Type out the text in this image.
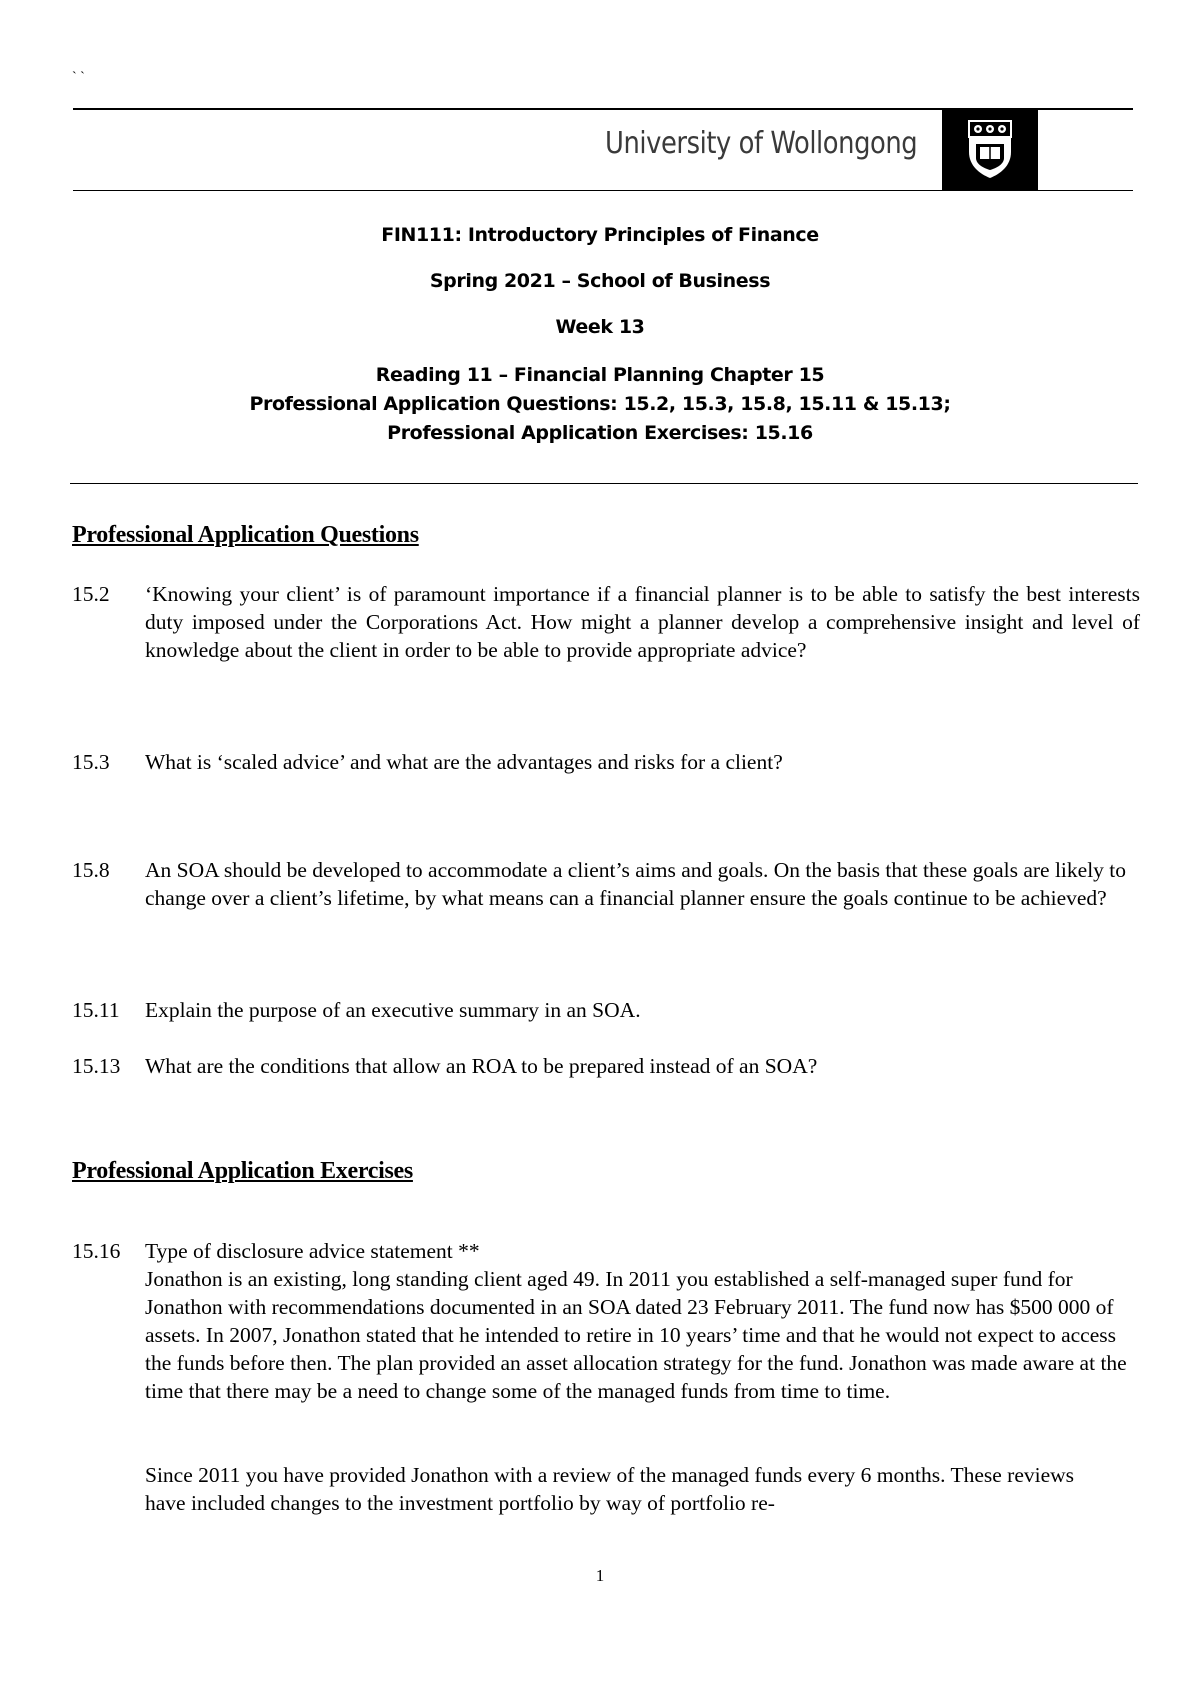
` `
University of Wollongong
FIN111: Introductory Principles of Finance
Spring 2021 – School of Business
Week 13
Reading 11 – Financial Planning Chapter 15
Professional Application Questions: 15.2, 15.3, 15.8, 15.11 & 15.13;
Professional Application Exercises: 15.16
Professional Application Questions
15.2 ‘Knowing your client’ is of paramount importance if a financial planner is to be able to satisfy the best interests duty imposed under the Corporations Act. How might a planner develop a comprehensive insight and level of knowledge about the client in order to be able to provide appropriate advice?
15.3 What is ‘scaled advice’ and what are the advantages and risks for a client?
15.8 An SOA should be developed to accommodate a client’s aims and goals. On the basis that these goals are likely to change over a client’s lifetime, by what means can a financial planner ensure the goals continue to be achieved?
15.11 Explain the purpose of an executive summary in an SOA.
15.13 What are the conditions that allow an ROA to be prepared instead of an SOA?
Professional Application Exercises
15.16 Type of disclosure advice statement **
Jonathon is an existing, long standing client aged 49. In 2011 you established a self-managed super fund for Jonathon with recommendations documented in an SOA dated 23 February 2011. The fund now has $500 000 of assets. In 2007, Jonathon stated that he intended to retire in 10 years’ time and that he would not expect to access the funds before then. The plan provided an asset allocation strategy for the fund. Jonathon was made aware at the time that there may be a need to change some of the managed funds from time to time.
Since 2011 you have provided Jonathon with a review of the managed funds every 6 months. These reviews have included changes to the investment portfolio by way of portfolio re-
1
